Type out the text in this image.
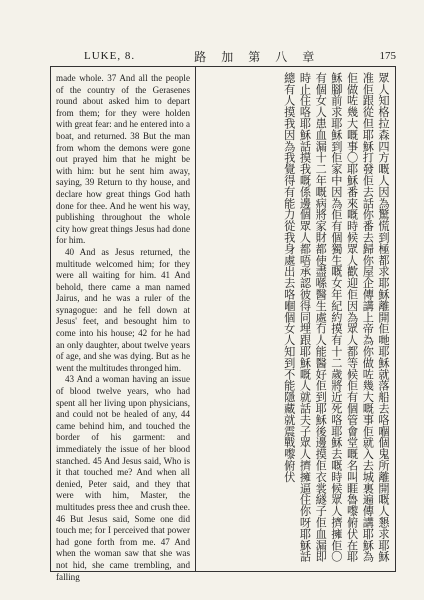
LUKE, 8.	路 加 第 八 章	175

made whole. 37 And all the people of the country of the Gerasenes round about asked him to depart from them; for they were holden with great fear: and he entered into a boat, and returned. 38 But the man from whom the demons were gone out prayed him that he might be with him: but he sent him away, saying, 39 Return to thy house, and declare how great things God hath done for thee. And he went his way, publishing throughout the whole city how great things Jesus had done for him.

40 And as Jesus returned, the multitude welcomed him; for they were all waiting for him. 41 And behold, there came a man named Jairus, and he was a ruler of the synagogue: and he fell down at Jesus' feet, and besought him to come into his house; 42 for he had an only daughter, about twelve years of age, and she was dying. But as he went the multitudes thronged him.

43 And a woman having an issue of blood twelve years, who had spent all her living upon physicians, and could not be healed of any, 44 came behind him, and touched the border of his garment: and immediately the issue of her blood stanched. 45 And Jesus said, Who is it that touched me? And when all denied, Peter said, and they that were with him, Master, the multitudes press thee and crush thee. 46 But Jesus said, Some one did touch me; for I perceived that power had gone forth from me. 47 And when the woman saw that she was not hid, she came trembling, and falling

眾人知格拉森四方嘅人因為驚慌到極都求耶穌離開佢哋耶穌就落船去咯嗰個鬼所離開嘅人懇求耶穌准佢跟從但耶穌打發佢去話你番去歸你屋企傳講上帝為你做咗幾大嘅事佢就入去城裏遍傳講耶穌為佢做咗幾大嘅事〇耶穌番來嘅時候眾人歡迎佢因為眾人都等候佢有個管會堂嘅名叫睚魯嚟俯伏在耶穌腳前求耶穌到佢家中因為佢有個獨生嘅女年紀約摸有十二歲將近死咯耶穌去嘅時候眾人擠擁佢〇有個女人患血漏十二年嘅病將家財都使盡喺醫生處冇人能醫好佢到耶穌後邊摸佢衣裳繸子佢血漏即時止住咯耶穌話摸我嘅係邊個眾人都唔承認彼得同埋跟耶穌嘅人就話夫子眾人擠擁逼住你呀耶穌話總有人摸我因為我覺得有能力從我身處出去咯嗰個女人知到不能隱藏就震戰嚟俯伏
